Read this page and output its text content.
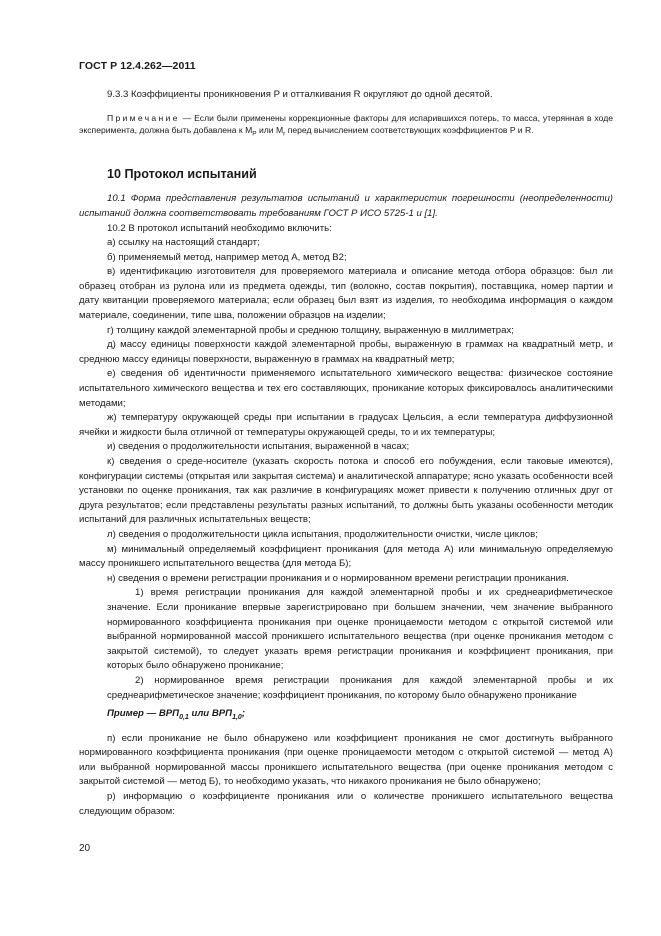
ГОСТ Р 12.4.262—2011

9.3.3 Коэффициенты проникновения P и отталкивания R округляют до одной десятой.

Примечание — Если были применены коррекционные факторы для испарившихся потерь, то масса, утерянная в ходе эксперимента, должна быть добавлена к $M_P$ или $M_r$ перед вычислением соответствующих коэффициентов P и R.

10 Протокол испытаний

10.1 Форма представления результатов испытаний и характеристик погрешности (неопределенности) испытаний должна соответствовать требованиям ГОСТ Р ИСО 5725-1 и [1].

10.2 В протокол испытаний необходимо включить:

а) ссылку на настоящий стандарт;

б) применяемый метод, например метод А, метод В2;

в) идентификацию изготовителя для проверяемого материала и описание метода отбора образцов: был ли образец отобран из рулона или из предмета одежды, тип (волокно, состав покрытия), поставщика, номер партии и дату квитанции проверяемого материала; если образец был взят из изделия, то необходима информация о каждом материале, соединении, типе шва, положении образцов на изделии;

г) толщину каждой элементарной пробы и среднюю толщину, выраженную в миллиметрах;

д) массу единицы поверхности каждой элементарной пробы, выраженную в граммах на квадратный метр, и среднюю массу единицы поверхности, выраженную в граммах на квадратный метр;

е) сведения об идентичности применяемого испытательного химического вещества: физическое состояние испытательного химического вещества и тех его составляющих, проникание которых фиксировалось аналитическими методами;

ж) температуру окружающей среды при испытании в градусах Цельсия, а если температура диффузионной ячейки и жидкости была отличной от температуры окружающей среды, то и их температуры;

и) сведения о продолжительности испытания, выраженной в часах;

к) сведения о среде-носителе (указать скорость потока и способ его побуждения, если таковые имеются), конфигурации системы (открытая или закрытая система) и аналитической аппаратуре; ясно указать особенности всей установки по оценке проникания, так как различие в конфигурациях может привести к получению отличных друг от друга результатов; если представлены результаты разных испытаний, то должны быть указаны особенности методик испытаний для различных испытательных веществ;

л) сведения о продолжительности цикла испытания, продолжительности очистки, числе циклов;

м) минимальный определяемый коэффициент проникания (для метода А) или минимальную определяемую массу проникшего испытательного вещества (для метода Б);

н) сведения о времени регистрации проникания и о нормированном времени регистрации проникания.

1) время регистрации проникания для каждой элементарной пробы и их среднеарифметическое значение. Если проникание впервые зарегистрировано при большем значении, чем значение выбранного нормированного коэффициента проникания при оценке проницаемости методом с открытой системой или выбранной нормированной массой проникшего испытательного вещества (при оценке проникания методом с закрытой системой), то следует указать время регистрации проникания и коэффициент проникания, при которых было обнаружено проникание;

2) нормированное время регистрации проникания для каждой элементарной пробы и их среднеарифметическое значение; коэффициент проникания, по которому было обнаружено проникание

Пример — $ВРП_{0,1}$ или $ВРП_{1,0}$;

п) если проникание не было обнаружено или коэффициент проникания не смог достигнуть выбранного нормированного коэффициента проникания (при оценке проницаемости методом с открытой системой — метод А) или выбранной нормированной массы проникшего испытательного вещества (при оценке проникания методом с закрытой системой — метод Б), то необходимо указать, что никакого проникания не было обнаружено;

р) информацию о коэффициенте проникания или о количестве проникшего испытательного вещества следующим образом:

20
